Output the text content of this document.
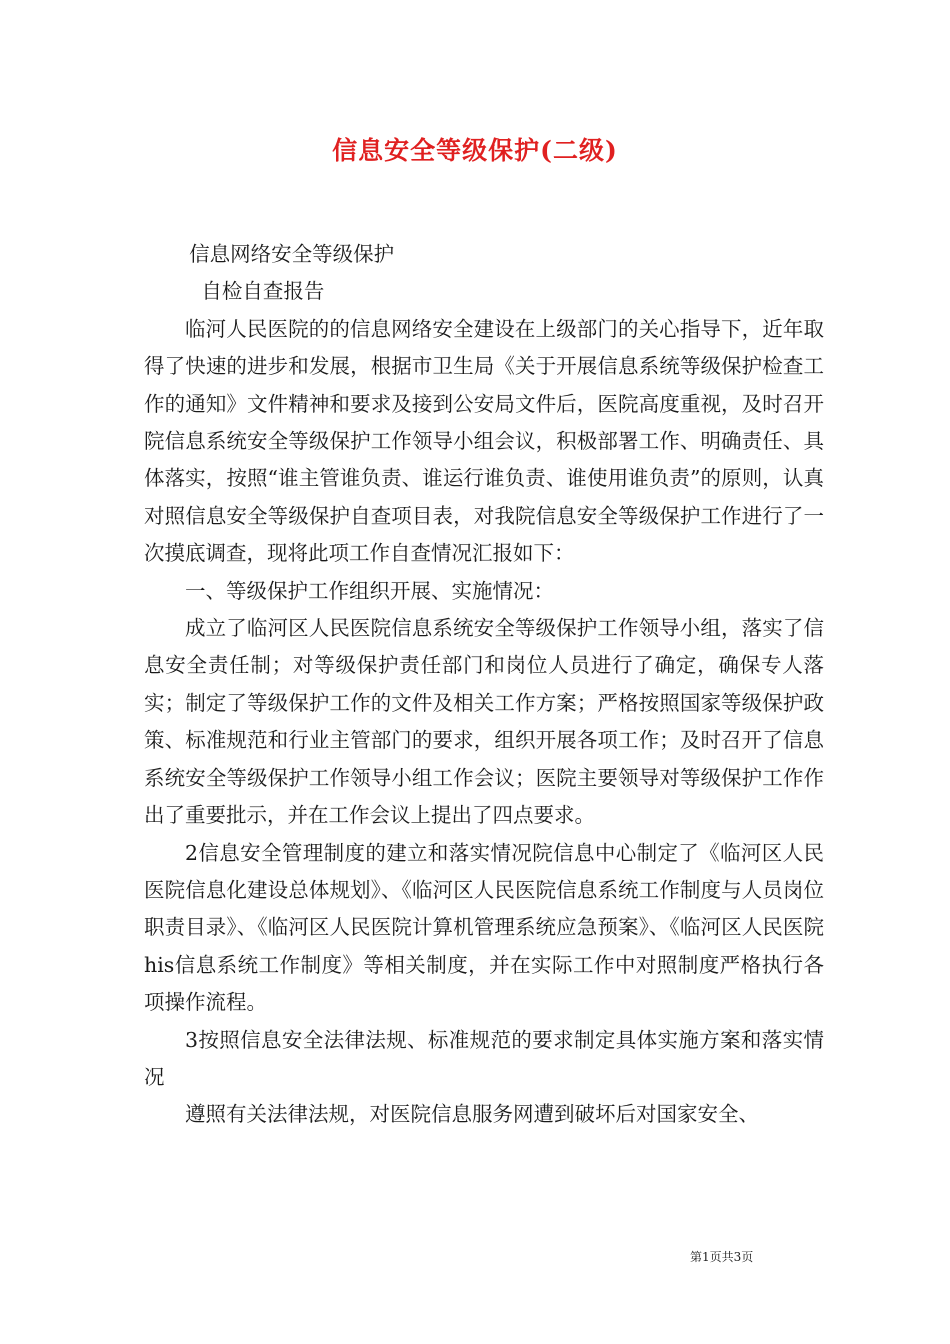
信息安全等级保护(二级)

信息网络安全等级保护

自检自查报告

临河人民医院的的信息网络安全建设在上级部门的关心指导下，近年取得了快速的进步和发展，根据市卫生局《关于开展信息系统等级保护检查工作的通知》文件精神和要求及接到公安局文件后，医院高度重视，及时召开院信息系统安全等级保护工作领导小组会议，积极部署工作、明确责任、具体落实，按照“谁主管谁负责、谁运行谁负责、谁使用谁负责”的原则，认真对照信息安全等级保护自查项目表，对我院信息安全等级保护工作进行了一次摸底调查，现将此项工作自查情况汇报如下：

一、等级保护工作组织开展、实施情况：

成立了临河区人民医院信息系统安全等级保护工作领导小组，落实了信息安全责任制；对等级保护责任部门和岗位人员进行了确定，确保专人落实；制定了等级保护工作的文件及相关工作方案；严格按照国家等级保护政策、标准规范和行业主管部门的要求，组织开展各项工作；及时召开了信息系统安全等级保护工作领导小组工作会议；医院主要领导对等级保护工作作出了重要批示，并在工作会议上提出了四点要求。

2信息安全管理制度的建立和落实情况院信息中心制定了《临河区人民医院信息化建设总体规划》、《临河区人民医院信息系统工作制度与人员岗位职责目录》、《临河区人民医院计算机管理系统应急预案》、《临河区人民医院his信息系统工作制度》等相关制度，并在实际工作中对照制度严格执行各项操作流程。

3按照信息安全法律法规、标准规范的要求制定具体实施方案和落实情况

遵照有关法律法规，对医院信息服务网遭到破坏后对国家安全、

第1页共3页
